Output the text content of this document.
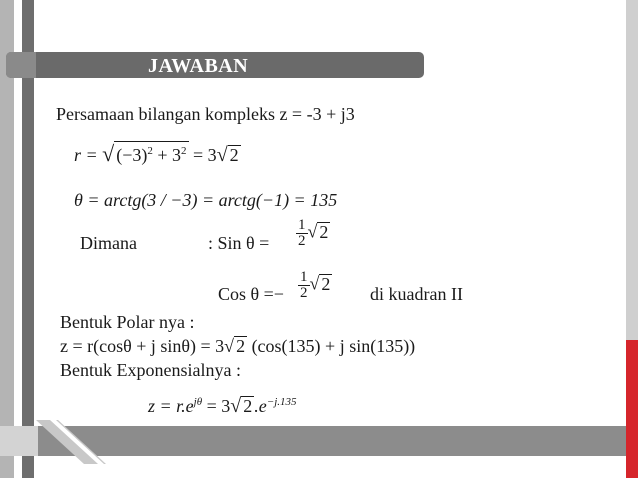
JAWABAN
Persamaan bilangan kompleks z = -3 + j3
r = √ $(-3)^2 + 3^2 = 3√$ 2
θ = arctg(3 / −3) = arctg(−1) = 135
Dimana	: Sin $\theta = \frac{1}{2}$ √ 2
Cos $\theta =- \frac{1}{2}$ √ 2
di kuadran II
Bentuk Polar nya :
z = r(cosθ + j sinθ) = 3√ 2 (cos(135) + j sin(135))
Bentuk Exponensialnya :
$z = r.e^{j\theta} = 3√$ 2 $.e^{-j.135}$
